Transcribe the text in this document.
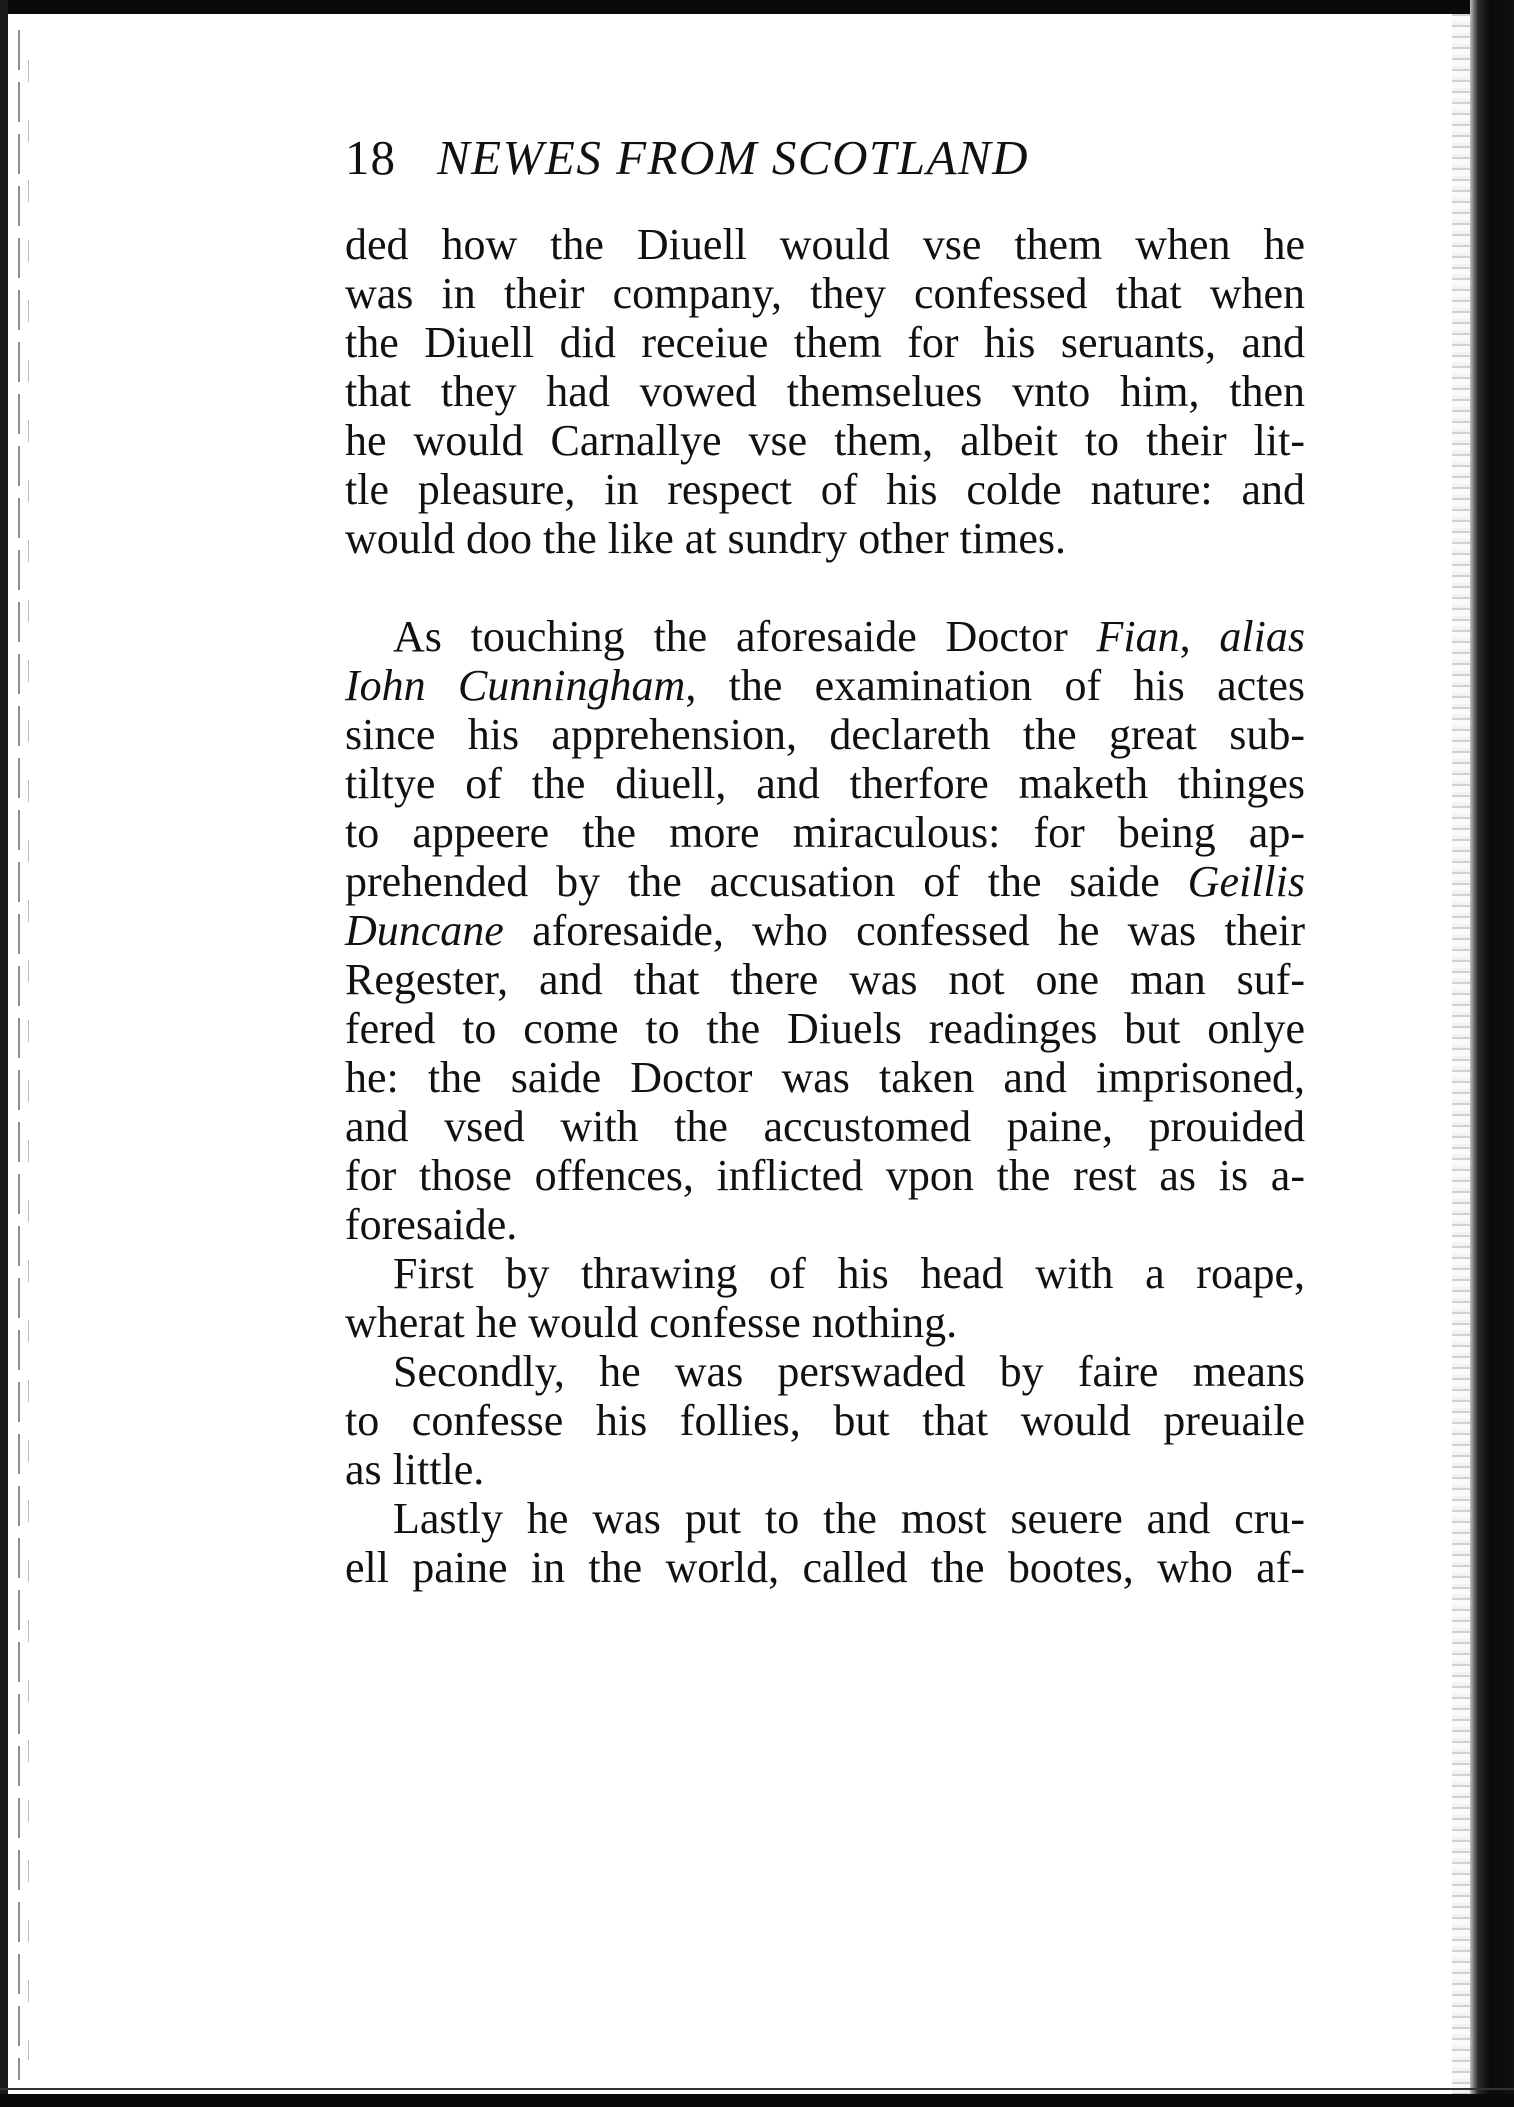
18 NEWES FROM SCOTLAND
ded how the Diuell would vse them when he
was in their company, they confessed that when
the Diuell did receiue them for his seruants, and
that they had vowed themselues vnto him, then
he would Carnallye vse them, albeit to their lit-
tle pleasure, in respect of his colde nature: and
would doo the like at sundry other times.
As touching the aforesaide Doctor Fian, alias
Iohn Cunningham, the examination of his actes
since his apprehension, declareth the great sub-
tiltye of the diuell, and therfore maketh thinges
to appeere the more miraculous: for being ap-
prehended by the accusation of the saide Geillis
Duncane aforesaide, who confessed he was their
Regester, and that there was not one man suf-
fered to come to the Diuels readinges but onlye
he: the saide Doctor was taken and imprisoned,
and vsed with the accustomed paine, prouided
for those offences, inflicted vpon the rest as is a-
foresaide.
First by thrawing of his head with a roape,
wherat he would confesse nothing.
Secondly, he was perswaded by faire means
to confesse his follies, but that would preuaile
as little.
Lastly he was put to the most seuere and cru-
ell paine in the world, called the bootes, who af-
